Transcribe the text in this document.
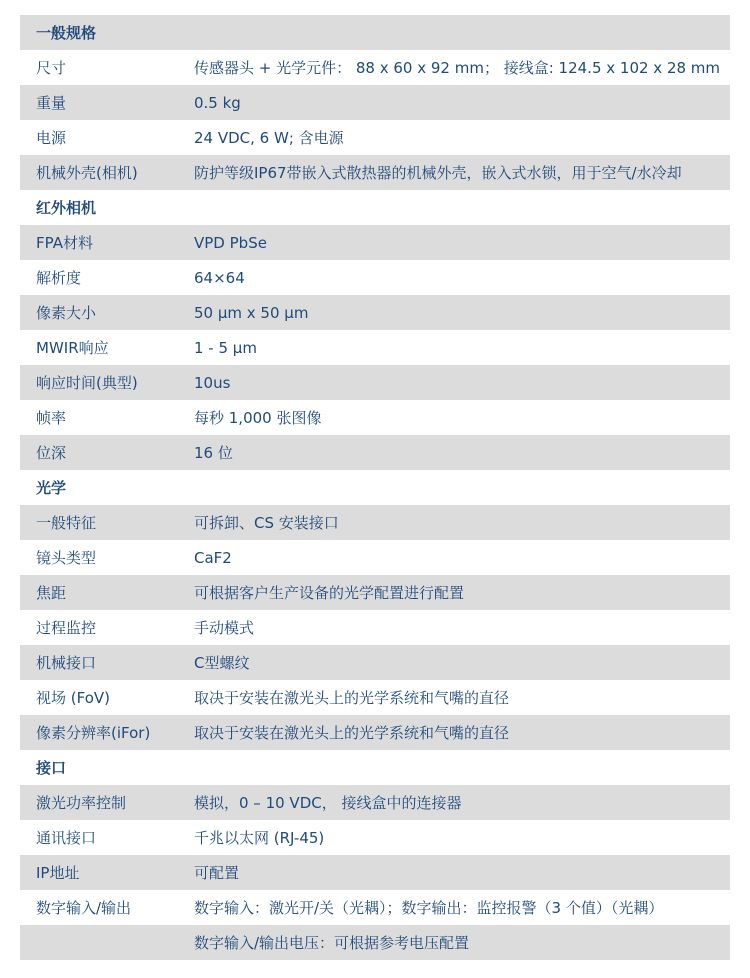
一般规格
尺寸	传感器头 + 光学元件： 88 x 60 x 92 mm； 接线盒: 124.5 x 102 x 28 mm
重量	0.5 kg
电源	24 VDC, 6 W; 含电源
机械外壳(相机)	防护等级IP67带嵌入式散热器的机械外壳，嵌入式水锁，用于空气/水冷却
红外相机
FPA材料	VPD PbSe
解析度	64×64
像素大小	50 µm x 50 µm
MWIR响应	1 - 5 µm
响应时间(典型)	10us
帧率	每秒 1,000 张图像
位深	16 位
光学
一般特征	可拆卸、CS 安装接口
镜头类型	CaF2
焦距	可根据客户生产设备的光学配置进行配置
过程监控	手动模式
机械接口	C型螺纹
视场 (FoV)	取决于安装在激光头上的光学系统和气嘴的直径
像素分辨率(iFor)	取决于安装在激光头上的光学系统和气嘴的直径
接口
激光功率控制	模拟，0 – 10 VDC， 接线盒中的连接器
通讯接口	千兆以太网 (RJ-45)
IP地址	可配置
数字输入/输出	数字输入：激光开/关（光耦）；数字输出：监控报警（3 个值）（光耦）
数字输入/输出电压：可根据参考电压配置
